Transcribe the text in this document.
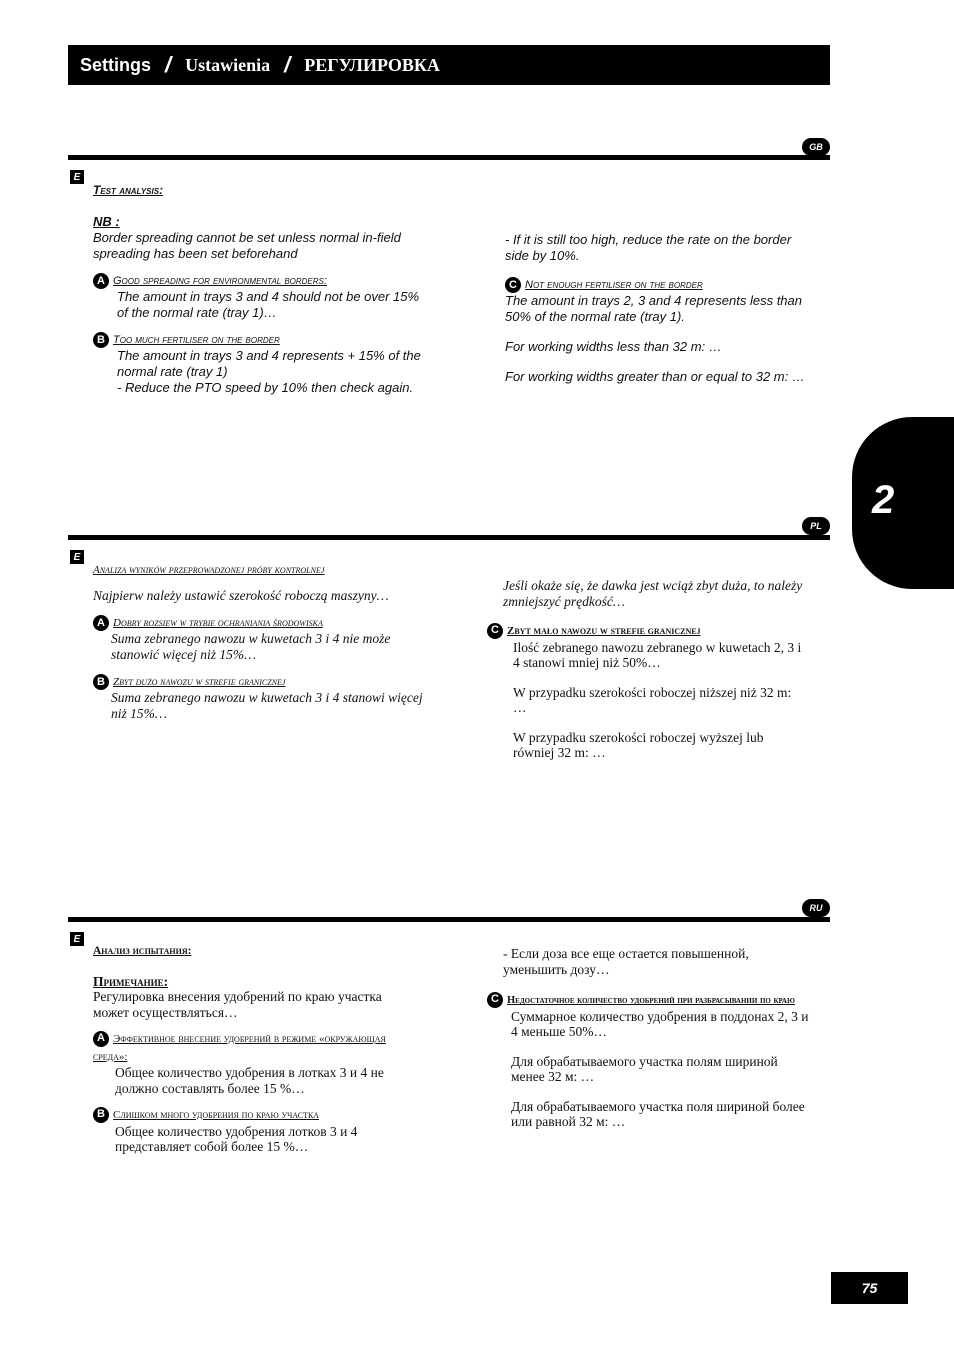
Settings / Ustawienia / РЕГУЛИРОВКА
GB
E
Test analysis:
NB :
Border spreading cannot be set unless normal in-field spreading has been set beforehand
A Good spreading for environmental borders:
The amount in trays 3 and 4 should not be over 15% of the normal rate (tray 1)…
B Too much fertiliser on the border
The amount in trays 3 and 4 represents + 15% of the normal rate (tray 1)
- Reduce the PTO speed by 10% then check again.
- If it is still too high, reduce the rate on the border side by 10%.
C Not enough fertiliser on the border
The amount in trays 2, 3 and 4 represents less than 50% of the normal rate (tray 1).
For working widths less than 32 m: …
For working widths greater than or equal to 32 m: …
2
PL
E
Analiza wyników przeprowadzonej próby kontrolnej
Najpierw należy ustawić szerokość roboczą maszyny…
A Dobry rozsiew w trybie ochraniania środowiska
Suma zebranego nawozu w kuwetach 3 i 4 nie może stanowić więcej niż 15%…
B Zbyt dużo nawozu w strefie granicznej
Suma zebranego nawozu w kuwetach 3 i 4 stanowi więcej niż 15%…
Jeśli okaże się, że dawka jest wciąż zbyt duża, to należy zmniejszyć prędkość…
C Zbyt mało nawozu w strefie granicznej
Ilość zebranego nawozu zebranego w kuwetach 2, 3 i 4 stanowi mniej niż 50%…
W przypadku szerokości roboczej niższej niż 32 m: …
W przypadku szerokości roboczej wyższej lub równiej 32 m: …
RU
E
Анализ испытания:
Примечание:
Регулировка внесения удобрений по краю участка может осуществляться…
A Эффективное внесение удобрений в режиме «окружающая среда»:
Общее количество удобрения в лотках 3 и 4 не должно составлять более 15 %…
B Слишком много удобрения по краю участка
Общее количество удобрения лотков 3 и 4 представляет собой более 15 %…
- Если доза все еще остается повышенной, уменьшить дозу…
C Недостаточное количество удобрений при разбрасывании по краю
Суммарное количество удобрения в поддонах 2, 3 и 4 меньше 50%…
Для обрабатываемого участка полям шириной менее 32 м: …
Для обрабатываемого участка поля шириной более или равной 32 м: …
75
